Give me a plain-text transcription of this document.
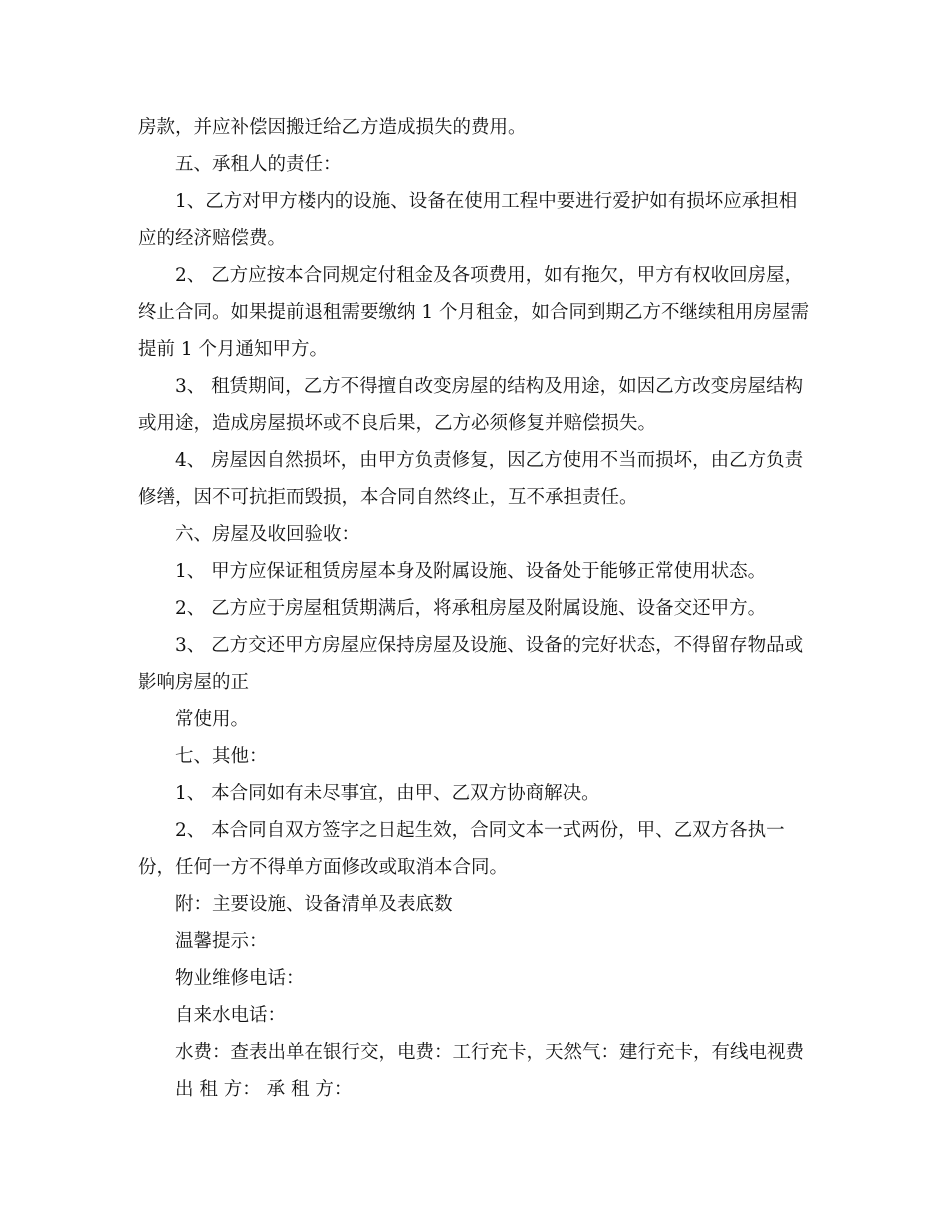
房款，并应补偿因搬迁给乙方造成损失的费用。
五、承租人的责任：
1、乙方对甲方楼内的设施、设备在使用工程中要进行爱护如有损坏应承担相
应的经济赔偿费。
2、 乙方应按本合同规定付租金及各项费用，如有拖欠，甲方有权收回房屋，
终止合同。如果提前退租需要缴纳 1 个月租金，如合同到期乙方不继续租用房屋需
提前 1 个月通知甲方。
3、 租赁期间，乙方不得擅自改变房屋的结构及用途，如因乙方改变房屋结构
或用途，造成房屋损坏或不良后果，乙方必须修复并赔偿损失。
4、 房屋因自然损坏，由甲方负责修复，因乙方使用不当而损坏，由乙方负责
修缮，因不可抗拒而毁损，本合同自然终止，互不承担责任。
六、房屋及收回验收：
1、 甲方应保证租赁房屋本身及附属设施、设备处于能够正常使用状态。
2、 乙方应于房屋租赁期满后，将承租房屋及附属设施、设备交还甲方。
3、 乙方交还甲方房屋应保持房屋及设施、设备的完好状态，不得留存物品或
影响房屋的正
常使用。
七、其他：
1、 本合同如有未尽事宜，由甲、乙双方协商解决。
2、 本合同自双方签字之日起生效，合同文本一式两份，甲、乙双方各执一
份，任何一方不得单方面修改或取消本合同。
附：主要设施、设备清单及表底数
温馨提示：
物业维修电话：
自来水电话：
水费：查表出单在银行交，电费：工行充卡，天然气：建行充卡，有线电视费
出 租 方： 承 租 方：
